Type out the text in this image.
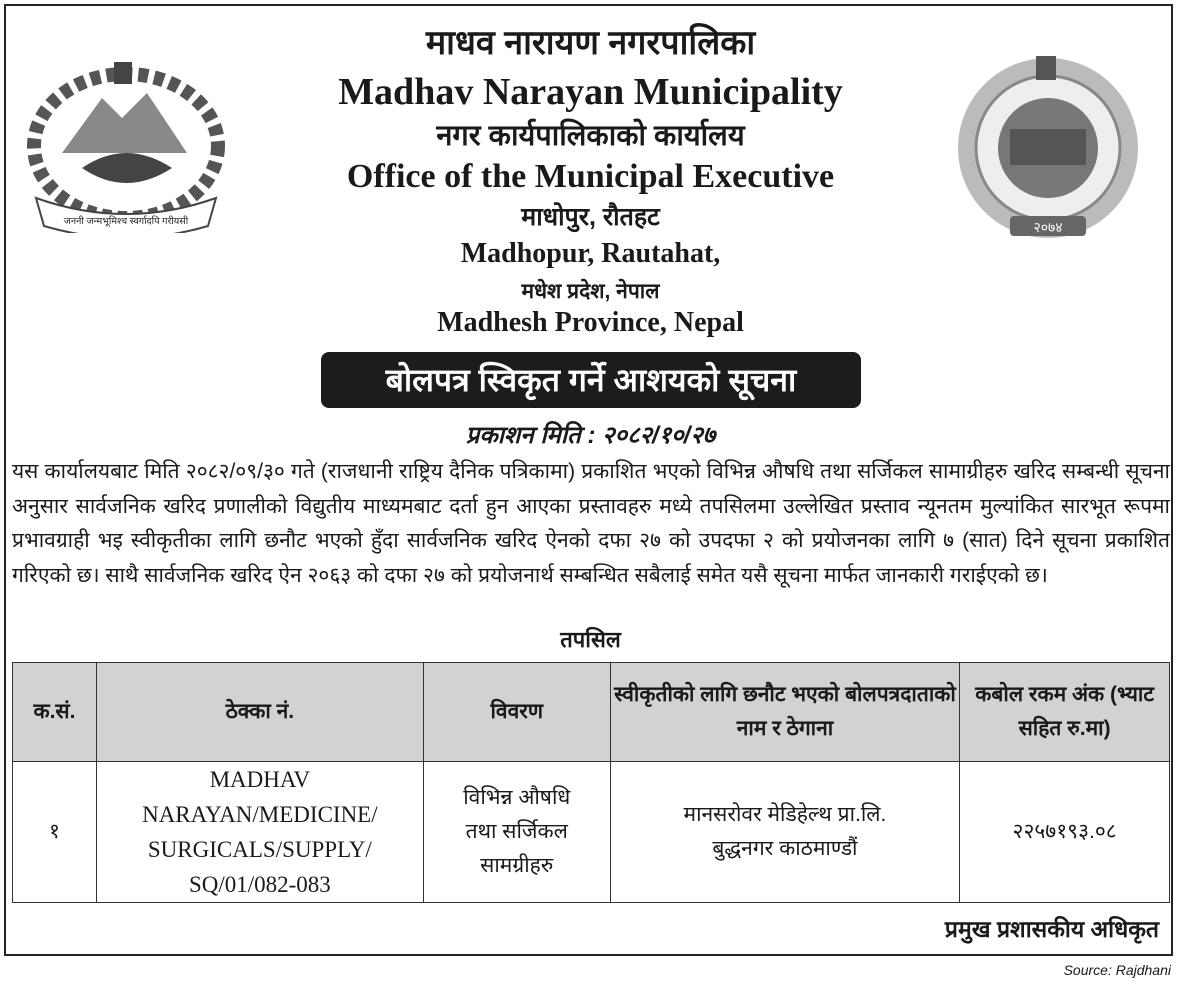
जननी जन्मभूमिश्च स्वर्गादपि गरीयसी	२०७४
माधव नारायण नगरपालिका
Madhav Narayan Municipality
नगर कार्यपालिकाको कार्यालय
Office of the Municipal Executive
माधोपुर, रौतहट
Madhopur, Rautahat,
मधेश प्रदेश, नेपाल
Madhesh Province, Nepal
बोलपत्र स्विकृत गर्ने आशयको सूचना
प्रकाशन मिति : २०८२/१०/२७
यस कार्यालयबाट मिति २०८२/०९/३० गते (राजधानी राष्ट्रिय दैनिक पत्रिकामा) प्रकाशित भएको विभिन्न औषधि तथा सर्जिकल सामाग्रीहरु खरिद सम्बन्धी सूचना अनुसार सार्वजनिक खरिद प्रणालीको विद्युतीय माध्यमबाट दर्ता हुन आएका प्रस्तावहरु मध्ये तपसिलमा उल्लेखित प्रस्ताव न्यूनतम मुल्यांकित सारभूत रूपमा प्रभावग्राही भइ स्वीकृतीका लागि छनौट भएको हुँदा सार्वजनिक खरिद ऐनको दफा २७ को उपदफा २ को प्रयोजनका लागि ७ (सात) दिने सूचना प्रकाशित गरिएको छ। साथै सार्वजनिक खरिद ऐन २०६३ को दफा २७ को प्रयोजनार्थ सम्बन्धित सबैलाई समेत यसै सूचना मार्फत जानकारी गराईएको छ।
तपसिल
क.सं.	ठेक्का नं.	विवरण	स्वीकृतीको लागि छनौट भएको बोलपत्रदाताको नाम र ठेगाना	कबोल रकम अंक (भ्याट सहित रु.मा)
१	MADHAV NARAYAN/MEDICINE/ SURGICALS/SUPPLY/ SQ/01/082-083	विभिन्न औषधि तथा सर्जिकल सामग्रीहरु	मानसरोवर मेडिहेल्थ प्रा.लि. बुद्धनगर काठमाण्डौं	२२५७१९३.०८
प्रमुख प्रशासकीय अधिकृत
Source: Rajdhani
